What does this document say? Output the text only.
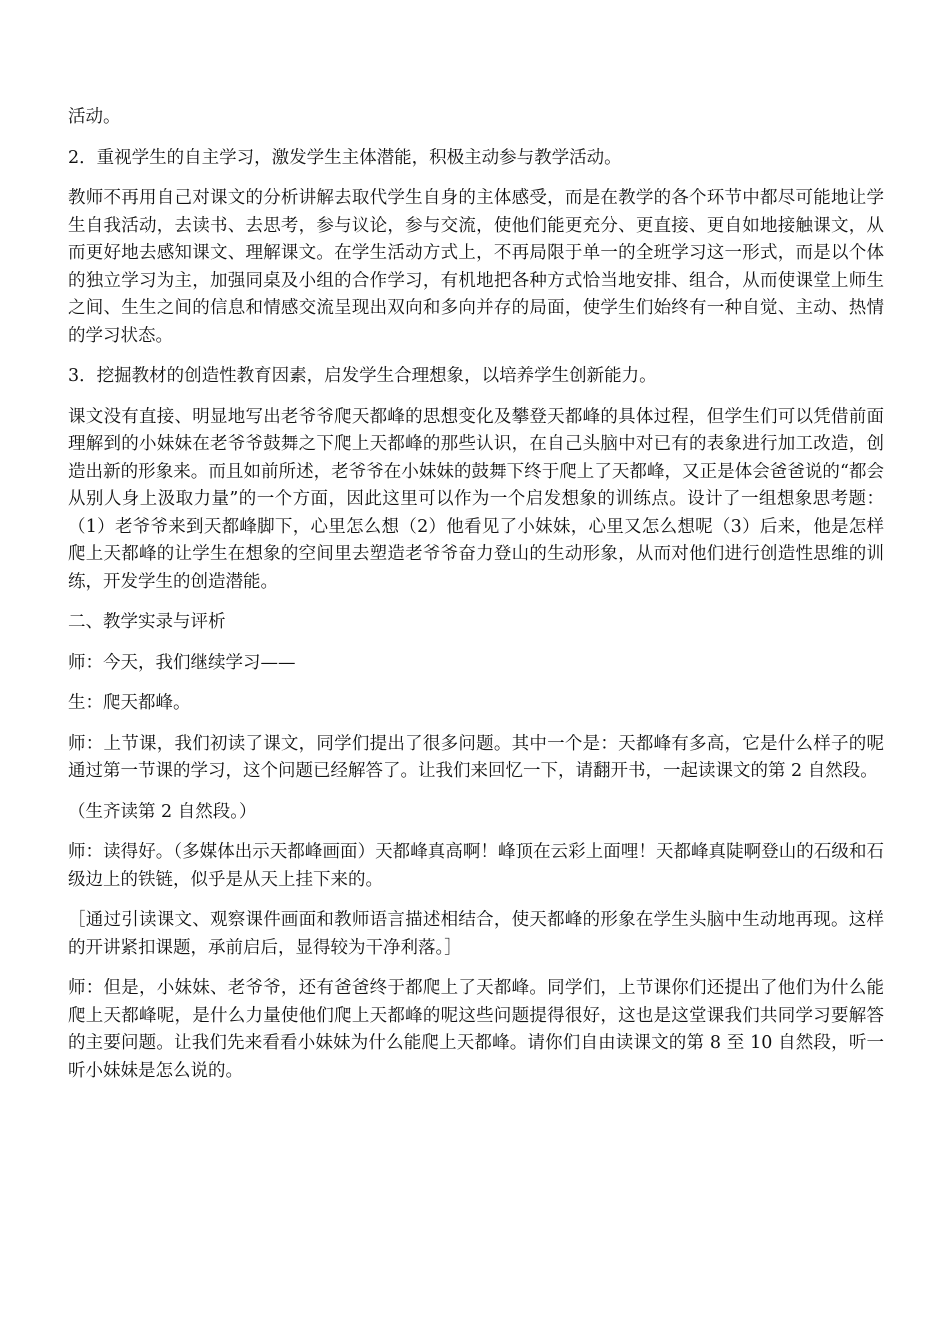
活动。

2．重视学生的自主学习，激发学生主体潜能，积极主动参与教学活动。

教师不再用自己对课文的分析讲解去取代学生自身的主体感受，而是在教学的各个环节中都尽可能地让学生自我活动，去读书、去思考，参与议论，参与交流，使他们能更充分、更直接、更自如地接触课文，从而更好地去感知课文、理解课文。在学生活动方式上，不再局限于单一的全班学习这一形式，而是以个体的独立学习为主，加强同桌及小组的合作学习，有机地把各种方式恰当地安排、组合，从而使课堂上师生之间、生生之间的信息和情感交流呈现出双向和多向并存的局面，使学生们始终有一种自觉、主动、热情的学习状态。

3．挖掘教材的创造性教育因素，启发学生合理想象，以培养学生创新能力。

课文没有直接、明显地写出老爷爷爬天都峰的思想变化及攀登天都峰的具体过程，但学生们可以凭借前面理解到的小妹妹在老爷爷鼓舞之下爬上天都峰的那些认识，在自己头脑中对已有的表象进行加工改造，创造出新的形象来。而且如前所述，老爷爷在小妹妹的鼓舞下终于爬上了天都峰，又正是体会爸爸说的“都会从别人身上汲取力量”的一个方面，因此这里可以作为一个启发想象的训练点。设计了一组想象思考题：（1）老爷爷来到天都峰脚下，心里怎么想（2）他看见了小妹妹，心里又怎么想呢（3）后来，他是怎样爬上天都峰的让学生在想象的空间里去塑造老爷爷奋力登山的生动形象，从而对他们进行创造性思维的训练，开发学生的创造潜能。

二、教学实录与评析

师：今天，我们继续学习——

生：爬天都峰。

师：上节课，我们初读了课文，同学们提出了很多问题。其中一个是：天都峰有多高，它是什么样子的呢通过第一节课的学习，这个问题已经解答了。让我们来回忆一下，请翻开书，一起读课文的第 2 自然段。

（生齐读第 2 自然段。）

师：读得好。（多媒体出示天都峰画面）天都峰真高啊！峰顶在云彩上面哩！天都峰真陡啊登山的石级和石级边上的铁链，似乎是从天上挂下来的。

［通过引读课文、观察课件画面和教师语言描述相结合，使天都峰的形象在学生头脑中生动地再现。这样的开讲紧扣课题，承前启后，显得较为干净利落。］

师：但是，小妹妹、老爷爷，还有爸爸终于都爬上了天都峰。同学们，上节课你们还提出了他们为什么能爬上天都峰呢，是什么力量使他们爬上天都峰的呢这些问题提得很好，这也是这堂课我们共同学习要解答的主要问题。让我们先来看看小妹妹为什么能爬上天都峰。请你们自由读课文的第 8 至 10 自然段，听一听小妹妹是怎么说的。
